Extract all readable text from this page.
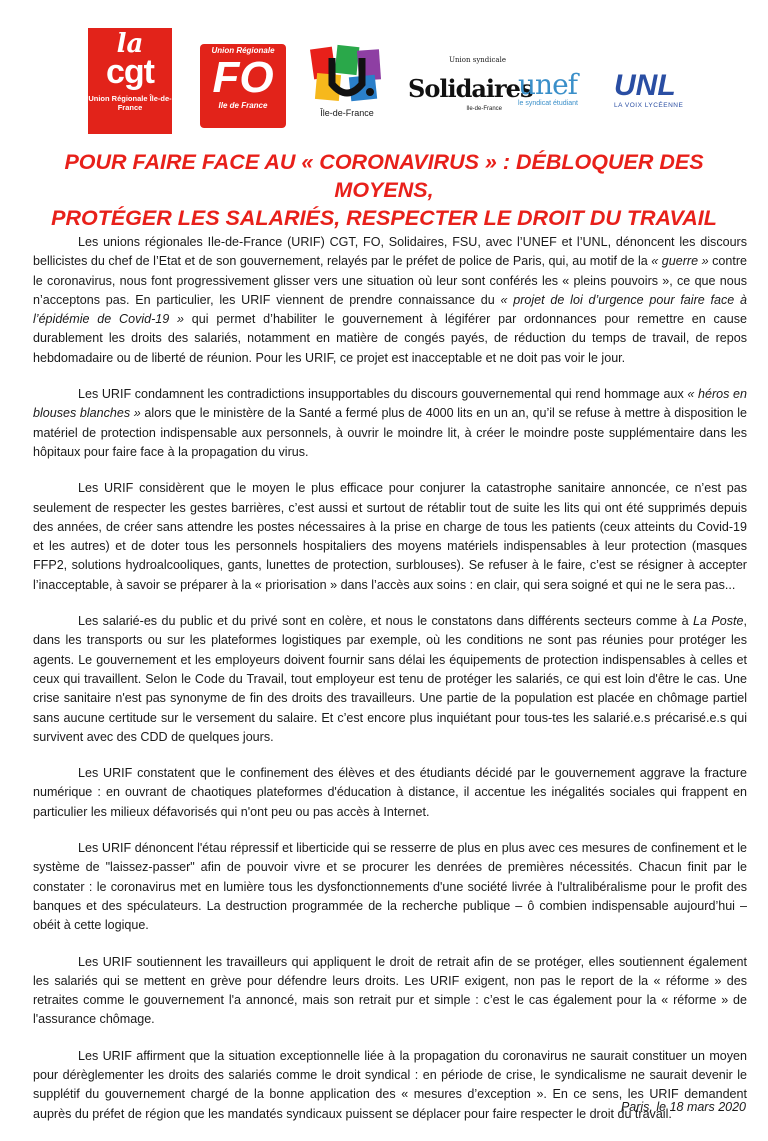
la
cgt
Union Régionale Île-de-France
Union Régionale
FO
Ile de France
Île-de-France
Union syndicale
Solidaires
Ile-de-France
unef
le syndicat étudiant
UNL
LA VOIX LYCÉENNE
POUR FAIRE FACE AU « CORONAVIRUS » : DÉBLOQUER DES MOYENS,
PROTÉGER LES SALARIÉS, RESPECTER LE DROIT DU TRAVAIL

Les unions régionales Ile-de-France (URIF) CGT, FO, Solidaires, FSU, avec l’UNEF et l’UNL, dénoncent les discours bellicistes du chef de l’Etat et de son gouvernement, relayés par le préfet de police de Paris, qui, au motif de la « guerre » contre le coronavirus, nous font progressivement glisser vers une situation où leur sont conférés les « pleins pouvoirs », ce que nous n’acceptons pas. En particulier, les URIF viennent de prendre connaissance du « projet de loi d’urgence pour faire face à l’épidémie de Covid-19 » qui permet d’habiliter le gouvernement à légiférer par ordonnances pour remettre en cause durablement les droits des salariés, notamment en matière de congés payés, de réduction du temps de travail, de repos hebdomadaire ou de liberté de réunion. Pour les URIF, ce projet est inacceptable et ne doit pas voir le jour.

Les URIF condamnent les contradictions insupportables du discours gouvernemental qui rend hommage aux « héros en blouses blanches » alors que le ministère de la Santé a fermé plus de 4000 lits en un an, qu’il se refuse à mettre à disposition le matériel de protection indispensable aux personnels, à ouvrir le moindre lit, à créer le moindre poste supplémentaire dans les hôpitaux pour faire face à la propagation du virus.

Les URIF considèrent que le moyen le plus efficace pour conjurer la catastrophe sanitaire annoncée, ce n’est pas seulement de respecter les gestes barrières, c’est aussi et surtout de rétablir tout de suite les lits qui ont été supprimés depuis des années, de créer sans attendre les postes nécessaires à la prise en charge de tous les patients (ceux atteints du Covid-19 et les autres) et de doter tous les personnels hospitaliers des moyens matériels indispensables à leur protection (masques FFP2, solutions hydroalcooliques, gants, lunettes de protection, surblouses). Se refuser à le faire, c’est se résigner à accepter l’inacceptable, à savoir se préparer à la « priorisation » dans l’accès aux soins : en clair, qui sera soigné et qui ne le sera pas...

Les salarié-es du public et du privé sont en colère, et nous le constatons dans différents secteurs comme à La Poste, dans les transports ou sur les plateformes logistiques par exemple, où les conditions ne sont pas réunies pour protéger les agents. Le gouvernement et les employeurs doivent fournir sans délai les équipements de protection indispensables à celles et ceux qui travaillent. Selon le Code du Travail, tout employeur est tenu de protéger les salariés, ce qui est loin d'être le cas. Une crise sanitaire n'est pas synonyme de fin des droits des travailleurs. Une partie de la population est placée en chômage partiel sans aucune certitude sur le versement du salaire. Et c’est encore plus inquiétant pour tous-tes les salarié.e.s précarisé.e.s qui survivent avec des CDD de quelques jours.

Les URIF constatent que le confinement des élèves et des étudiants décidé par le gouvernement aggrave la fracture numérique : en ouvrant de chaotiques plateformes d'éducation à distance, il accentue les inégalités sociales qui frappent en particulier les milieux défavorisés qui n'ont peu ou pas accès à Internet.

Les URIF dénoncent l'étau répressif et liberticide qui se resserre de plus en plus avec ces mesures de confinement et le système de "laissez-passer" afin de pouvoir vivre et se procurer les denrées de premières nécessités. Chacun finit par le constater : le coronavirus met en lumière tous les dysfonctionnements d'une société livrée à l'ultralibéralisme pour le profit des banques et des spéculateurs. La destruction programmée de la recherche publique – ô combien indispensable aujourd’hui – obéit à cette logique.

Les URIF soutiennent les travailleurs qui appliquent le droit de retrait afin de se protéger, elles soutiennent également les salariés qui se mettent en grève pour défendre leurs droits. Les URIF exigent, non pas le report de la « réforme » des retraites comme le gouvernement l'a annoncé, mais son retrait pur et simple : c’est le cas également pour la « réforme » de l'assurance chômage.

Les URIF affirment que la situation exceptionnelle liée à la propagation du coronavirus ne saurait constituer un moyen pour dérèglementer les droits des salariés comme le droit syndical : en période de crise, le syndicalisme ne saurait devenir le supplétif du gouvernement chargé de la bonne application des « mesures d’exception ». En ce sens, les URIF demandent auprès du préfet de région que les mandatés syndicaux puissent se déplacer pour faire respecter le droit du travail.

Paris, le 18 mars 2020
